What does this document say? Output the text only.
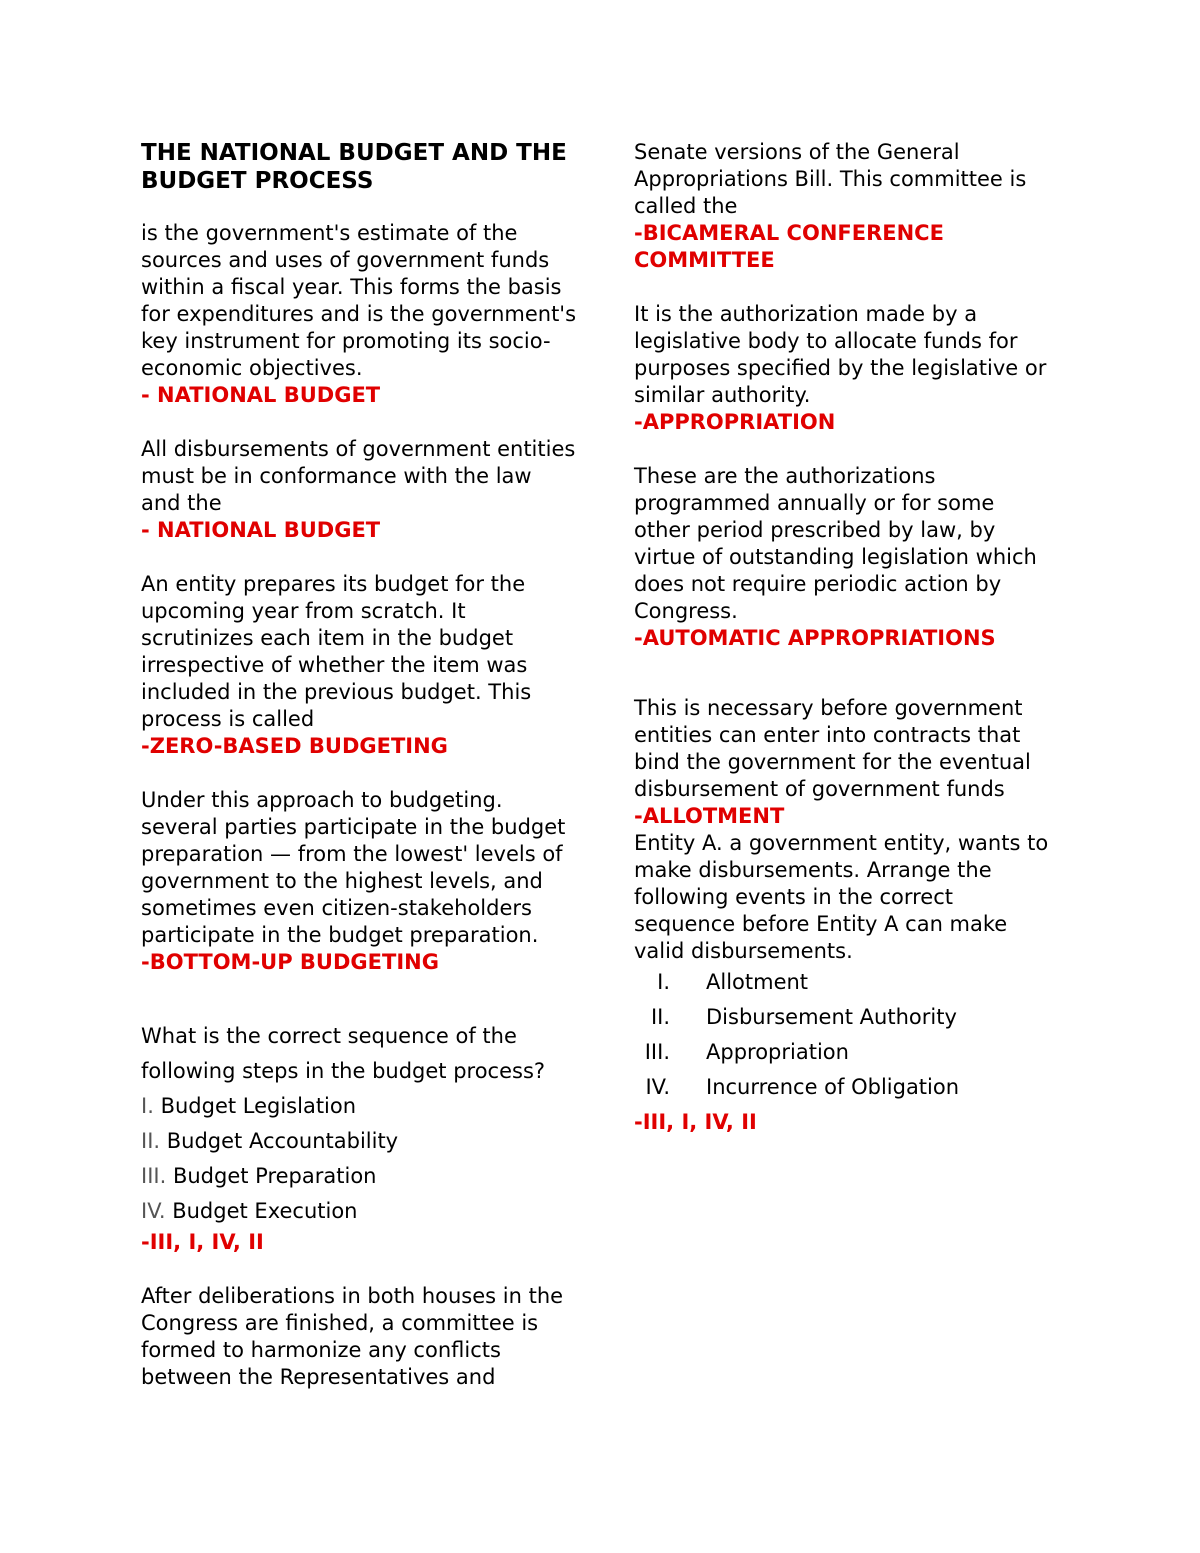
THE NATIONAL BUDGET AND THE BUDGET PROCESS

is the government's estimate of the sources and uses of government funds within a fiscal year. This forms the basis for expenditures and is the government's key instrument for promoting its socio-economic objectives.

- NATIONAL BUDGET

All disbursements of government entities must be in conformance with the law and the

- NATIONAL BUDGET

An entity prepares its budget for the upcoming year from scratch. It scrutinizes each item in the budget irrespective of whether the item was included in the previous budget. This process is called

-ZERO-BASED BUDGETING

Under this approach to budgeting. several parties participate in the budget preparation — from the lowest' levels of government to the highest levels, and sometimes even citizen-stakeholders participate in the budget preparation.

-BOTTOM-UP BUDGETING

What is the correct sequence of the following steps in the budget process?

I. Budget Legislation
II. Budget Accountability
III. Budget Preparation
IV. Budget Execution

-III, I, IV, II

After deliberations in both houses in the Congress are finished, a committee is formed to harmonize any conflicts between the Representatives and

Senate versions of the General Appropriations Bill. This committee is called the

-BICAMERAL CONFERENCE COMMITTEE

It is the authorization made by a legislative body to allocate funds for purposes specified by the legislative or similar authority.

-APPROPRIATION

These are the authorizations programmed annually or for some other period prescribed by law, by virtue of outstanding legislation which does not require periodic action by Congress.

-AUTOMATIC APPROPRIATIONS

This is necessary before government entities can enter into contracts that bind the government for the eventual disbursement of government funds

-ALLOTMENT

Entity A. a government entity, wants to make disbursements. Arrange the following events in the correct sequence before Entity A can make valid disbursements.

I. Allotment
II. Disbursement Authority
III. Appropriation
IV. Incurrence of Obligation

-III, I, IV, II
